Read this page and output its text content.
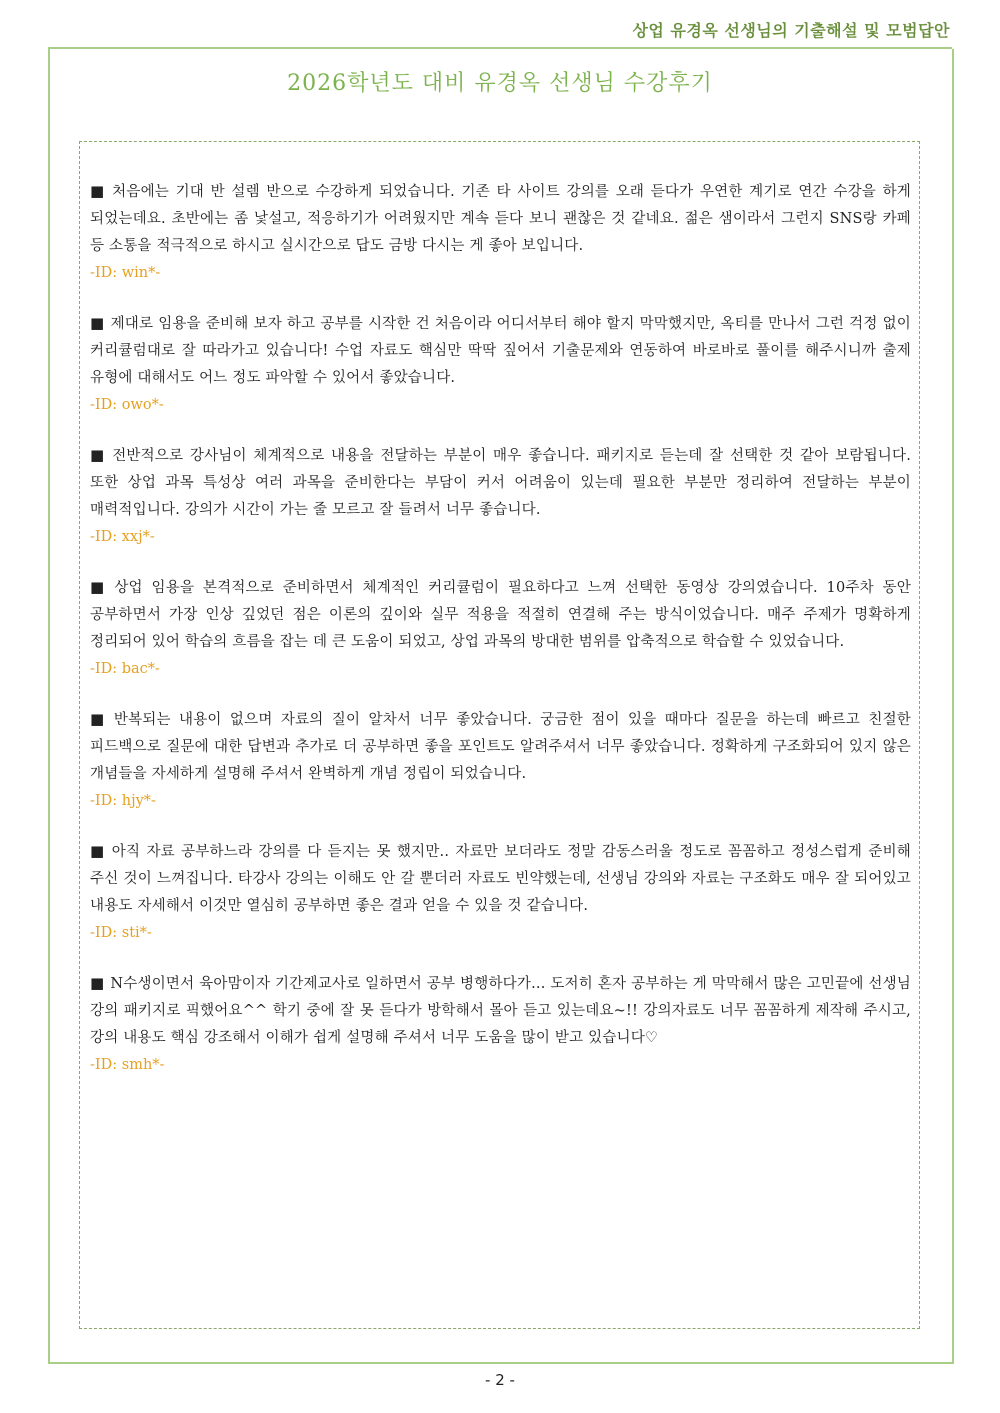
상업 유경옥 선생님의 기출해설 및 모범답안
2026학년도 대비 유경옥 선생님 수강후기
■ 처음에는 기대 반 설렘 반으로 수강하게 되었습니다. 기존 타 사이트 강의를 오래 듣다가 우연한 계기로 연간 수강을 하게 되었는데요. 초반에는 좀 낯설고, 적응하기가 어려웠지만 계속 듣다 보니 괜찮은 것 같네요. 젊은 샘이라서 그런지 SNS랑 카페 등 소통을 적극적으로 하시고 실시간으로 답도 금방 다시는 게 좋아 보입니다.
-ID: win*-
■ 제대로 임용을 준비해 보자 하고 공부를 시작한 건 처음이라 어디서부터 해야 할지 막막했지만, 옥티를 만나서 그런 걱정 없이 커리큘럼대로 잘 따라가고 있습니다! 수업 자료도 핵심만 딱딱 짚어서 기출문제와 연동하여 바로바로 풀이를 해주시니까 출제 유형에 대해서도 어느 정도 파악할 수 있어서 좋았습니다.
-ID: owo*-
■ 전반적으로 강사님이 체계적으로 내용을 전달하는 부분이 매우 좋습니다. 패키지로 듣는데 잘 선택한 것 같아 보람됩니다. 또한 상업 과목 특성상 여러 과목을 준비한다는 부담이 커서 어려움이 있는데 필요한 부분만 정리하여 전달하는 부분이 매력적입니다. 강의가 시간이 가는 줄 모르고 잘 들려서 너무 좋습니다.
-ID: xxj*-
■ 상업 임용을 본격적으로 준비하면서 체계적인 커리큘럼이 필요하다고 느껴 선택한 동영상 강의였습니다. 10주차 동안 공부하면서 가장 인상 깊었던 점은 이론의 깊이와 실무 적용을 적절히 연결해 주는 방식이었습니다. 매주 주제가 명확하게 정리되어 있어 학습의 흐름을 잡는 데 큰 도움이 되었고, 상업 과목의 방대한 범위를 압축적으로 학습할 수 있었습니다.
-ID: bac*-
■ 반복되는 내용이 없으며 자료의 질이 알차서 너무 좋았습니다. 궁금한 점이 있을 때마다 질문을 하는데 빠르고 친절한 피드백으로 질문에 대한 답변과 추가로 더 공부하면 좋을 포인트도 알려주셔서 너무 좋았습니다. 정확하게 구조화되어 있지 않은 개념들을 자세하게 설명해 주셔서 완벽하게 개념 정립이 되었습니다.
-ID: hjy*-
■ 아직 자료 공부하느라 강의를 다 듣지는 못 했지만.. 자료만 보더라도 정말 감동스러울 정도로 꼼꼼하고 정성스럽게 준비해 주신 것이 느껴집니다. 타강사 강의는 이해도 안 갈 뿐더러 자료도 빈약했는데, 선생님 강의와 자료는 구조화도 매우 잘 되어있고 내용도 자세해서 이것만 열심히 공부하면 좋은 결과 얻을 수 있을 것 같습니다.
-ID: sti*-
■ N수생이면서 육아맘이자 기간제교사로 일하면서 공부 병행하다가... 도저히 혼자 공부하는 게 막막해서 많은 고민끝에 선생님 강의 패키지로 픽했어요^^ 학기 중에 잘 못 듣다가 방학해서 몰아 듣고 있는데요~!! 강의자료도 너무 꼼꼼하게 제작해 주시고, 강의 내용도 핵심 강조해서 이해가 쉽게 설명해 주셔서 너무 도움을 많이 받고 있습니다♡
-ID: smh*-
- 2 -
